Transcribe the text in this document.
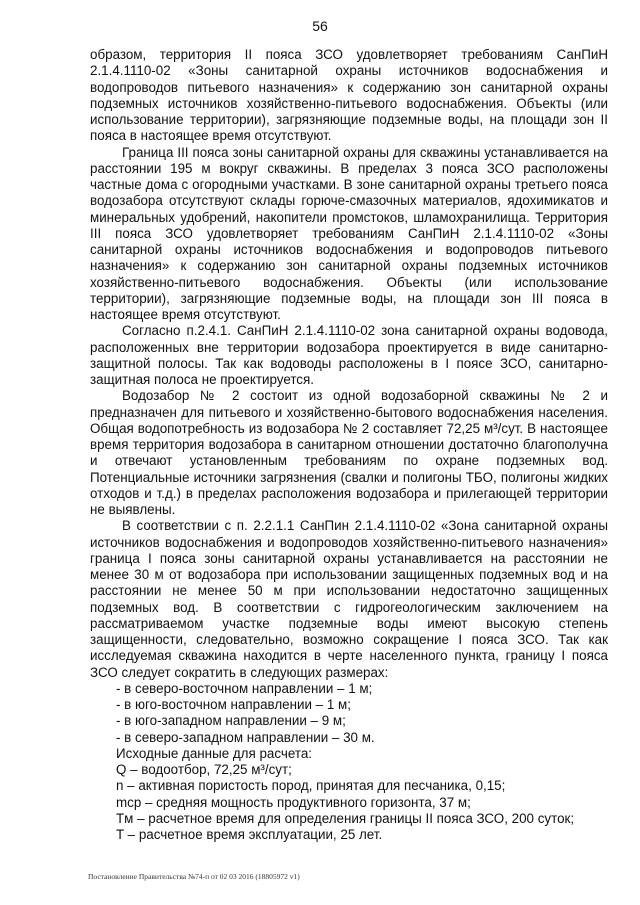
56

образом, территория II пояса ЗСО удовлетворяет требованиям СанПиН 2.1.4.1110-02 «Зоны санитарной охраны источников водоснабжения и водопроводов питьевого назначения» к содержанию зон санитарной охраны подземных источников хозяйственно-питьевого водоснабжения. Объекты (или использование территории), загрязняющие подземные воды, на площади зон II пояса в настоящее время отсутствуют.

Граница III пояса зоны санитарной охраны для скважины устанавливается на расстоянии 195 м вокруг скважины. В пределах 3 пояса ЗСО расположены частные дома с огородными участками. В зоне санитарной охраны третьего пояса водозабора отсутствуют склады горюче-смазочных материалов, ядохимикатов и минеральных удобрений, накопители промстоков, шламохранилища. Территория III пояса ЗСО удовлетворяет требованиям СанПиН 2.1.4.1110-02 «Зоны санитарной охраны источников водоснабжения и водопроводов питьевого назначения» к содержанию зон санитарной охраны подземных источников хозяйственно-питьевого водоснабжения. Объекты (или использование территории), загрязняющие подземные воды, на площади зон III пояса в настоящее время отсутствуют.

Согласно п.2.4.1. СанПиН 2.1.4.1110-02 зона санитарной охраны водовода, расположенных вне территории водозабора проектируется в виде санитарно-защитной полосы. Так как водоводы расположены в I поясе ЗСО, санитарно-защитная полоса не проектируется.

Водозабор № 2 состоит из одной водозаборной скважины № 2 и предназначен для питьевого и хозяйственно-бытового водоснабжения населения. Общая водопотребность из водозабора № 2 составляет 72,25 м³/сут. В настоящее время территория водозабора в санитарном отношении достаточно благополучна и отвечают установленным требованиям по охране подземных вод. Потенциальные источники загрязнения (свалки и полигоны ТБО, полигоны жидких отходов и т.д.) в пределах расположения водозабора и прилегающей территории не выявлены.

В соответствии с п. 2.2.1.1 СанПин 2.1.4.1110-02 «Зона санитарной охраны источников водоснабжения и водопроводов хозяйственно-питьевого назначения» граница I пояса зоны санитарной охраны устанавливается на расстоянии не менее 30 м от водозабора при использовании защищенных подземных вод и на расстоянии не менее 50 м при использовании недостаточно защищенных подземных вод. В соответствии с гидрогеологическим заключением на рассматриваемом участке подземные воды имеют высокую степень защищенности, следовательно, возможно сокращение I пояса ЗСО. Так как исследуемая скважина находится в черте населенного пункта, границу I пояса ЗСО следует сократить в следующих размерах:

- в северо-восточном направлении – 1 м;

- в юго-восточном направлении – 1 м;

- в юго-западном направлении – 9 м;

- в северо-западном направлении – 30 м.

Исходные данные для расчета:

Q – водоотбор, 72,25 м³/сут;

n – активная пористость пород, принятая для песчаника, 0,15;

mср – средняя мощность продуктивного горизонта, 37 м;

Tм – расчетное время для определения границы II пояса ЗСО, 200 суток;

T – расчетное время эксплуатации, 25 лет.

Постановление Правительства №74-п от 02 03 2016 (18805972 v1)
